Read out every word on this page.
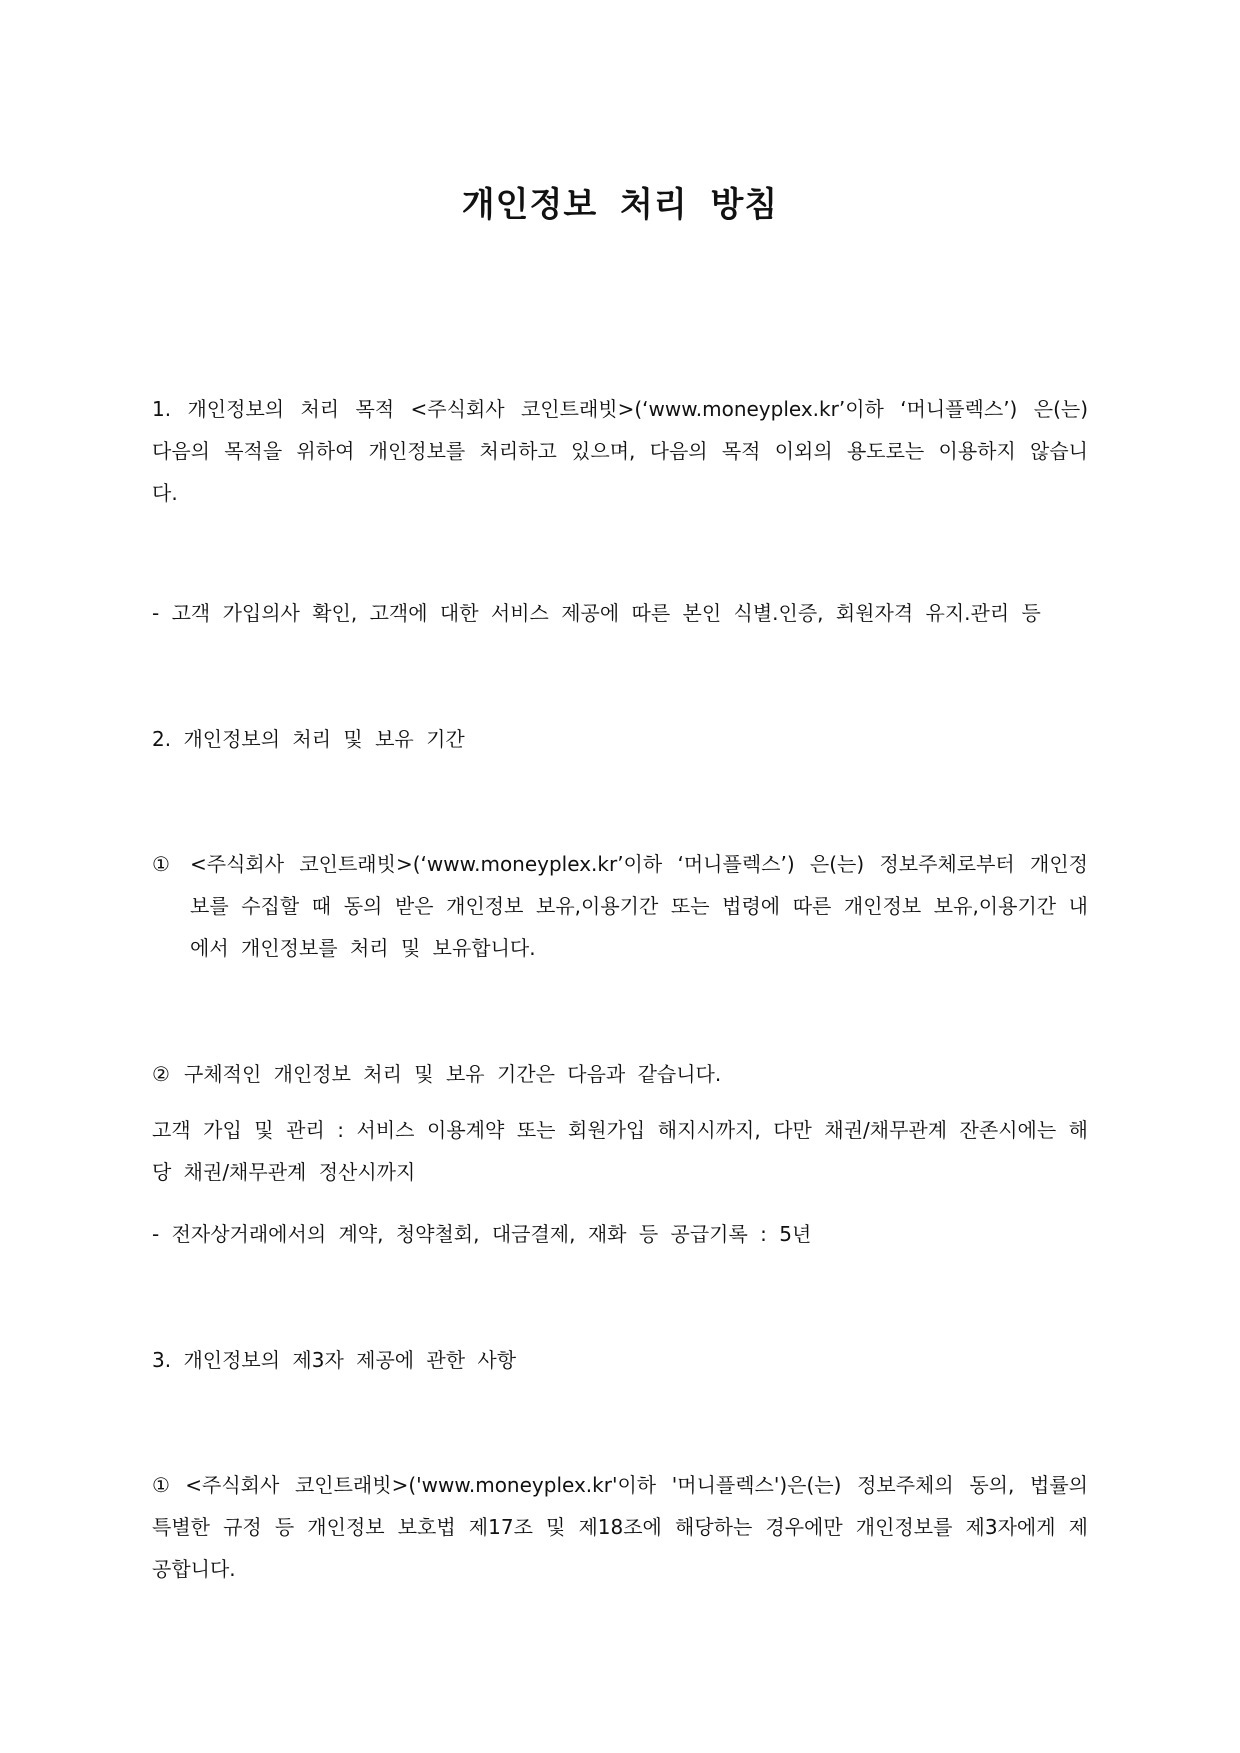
개인정보 처리 방침

1. 개인정보의 처리 목적 <주식회사 코인트래빗>(‘www.moneyplex.kr’이하 ‘머니플렉스’) 은(는) 다음의 목적을 위하여 개인정보를 처리하고 있으며, 다음의 목적 이외의 용도로는 이용하지 않습니다.

- 고객 가입의사 확인, 고객에 대한 서비스 제공에 따른 본인 식별.인증, 회원자격 유지.관리 등

2. 개인정보의 처리 및 보유 기간

① <주식회사 코인트래빗>(‘www.moneyplex.kr’이하 ‘머니플렉스’) 은(는) 정보주체로부터 개인정보를 수집할 때 동의 받은 개인정보 보유,이용기간 또는 법령에 따른 개인정보 보유,이용기간 내에서 개인정보를 처리 및 보유합니다.
② 구체적인 개인정보 처리 및 보유 기간은 다음과 같습니다.

고객 가입 및 관리 : 서비스 이용계약 또는 회원가입 해지시까지, 다만 채권/채무관계 잔존시에는 해당 채권/채무관계 정산시까지

- 전자상거래에서의 계약, 청약철회, 대금결제, 재화 등 공급기록 : 5년

3. 개인정보의 제3자 제공에 관한 사항

① <주식회사 코인트래빗>('www.moneyplex.kr'이하 '머니플렉스')은(는) 정보주체의 동의, 법률의 특별한 규정 등 개인정보 보호법 제17조 및 제18조에 해당하는 경우에만 개인정보를 제3자에게 제공합니다.
